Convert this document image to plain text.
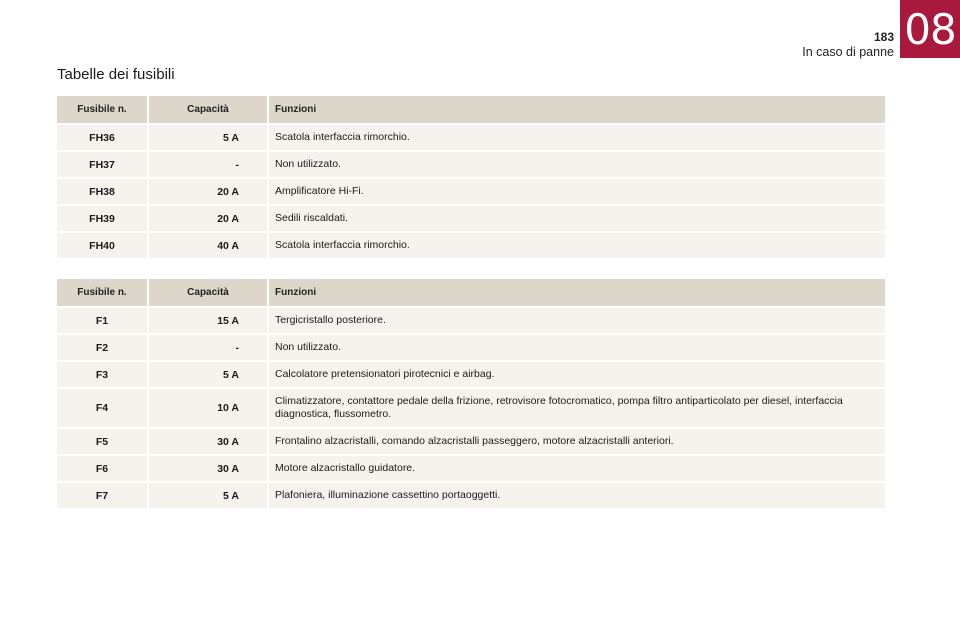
183
In caso di panne 08
Tabelle dei fusibili
Fusibile n.	Capacità	Funzioni
FH36	5 A	Scatola interfaccia rimorchio.
FH37	-	Non utilizzato.
FH38	20 A	Amplificatore Hi-Fi.
FH39	20 A	Sedili riscaldati.
FH40	40 A	Scatola interfaccia rimorchio.
Fusibile n.	Capacità	Funzioni
F1	15 A	Tergicristallo posteriore.
F2	-	Non utilizzato.
F3	5 A	Calcolatore pretensionatori pirotecnici e airbag.
F4	10 A	Climatizzatore, contattore pedale della frizione, retrovisore fotocromatico, pompa filtro antiparticolato per diesel, interfaccia diagnostica, flussometro.
F5	30 A	Frontalino alzacristalli, comando alzacristalli passeggero, motore alzacristalli anteriori.
F6	30 A	Motore alzacristallo guidatore.
F7	5 A	Plafoniera, illuminazione cassettino portaoggetti.
